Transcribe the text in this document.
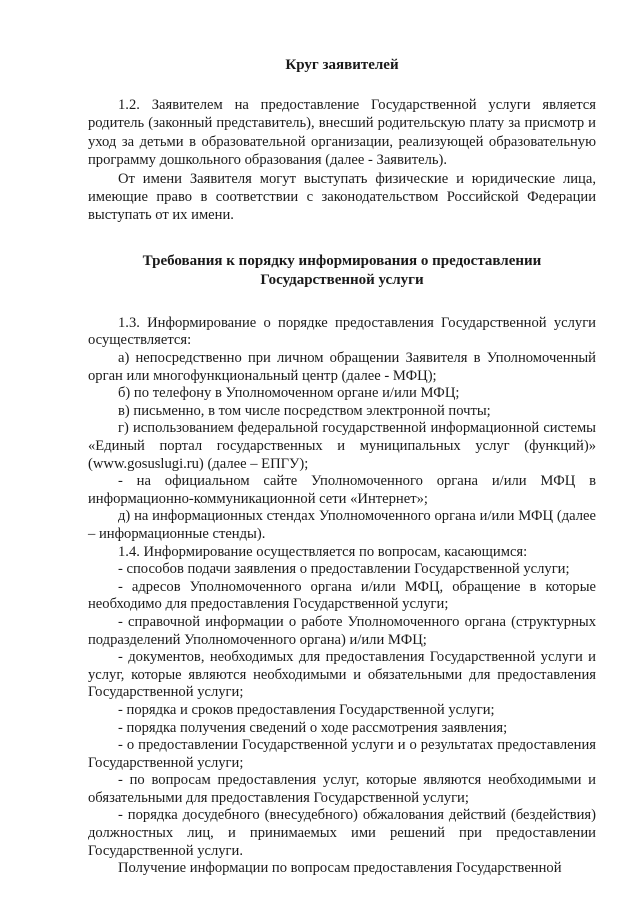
Круг заявителей

1.2. Заявителем на предоставление Государственной услуги является родитель (законный представитель), внесший родительскую плату за присмотр и уход за детьми в образовательной организации, реализующей образовательную программу дошкольного образования (далее - Заявитель).

От имени Заявителя могут выступать физические и юридические лица, имеющие право в соответствии с законодательством Российской Федерации выступать от их имени.

Требования к порядку информирования о предоставлении
Государственной услуги

1.3. Информирование о порядке предоставления Государственной услуги осуществляется:

а) непосредственно при личном обращении Заявителя в Уполномоченный орган или многофункциональный центр (далее - МФЦ);

б) по телефону в Уполномоченном органе и/или МФЦ;

в) письменно, в том числе посредством электронной почты;

г) использованием федеральной государственной информационной системы «Единый портал государственных и муниципальных услуг (функций)» (www.gosuslugi.ru) (далее – ЕПГУ);

- на официальном сайте Уполномоченного органа и/или МФЦ в информационно-коммуникационной сети «Интернет»;

д) на информационных стендах Уполномоченного органа и/или МФЦ (далее – информационные стенды).

1.4. Информирование осуществляется по вопросам, касающимся:

- способов подачи заявления о предоставлении Государственной услуги;

- адресов Уполномоченного органа и/или МФЦ, обращение в которые необходимо для предоставления Государственной услуги;

- справочной информации о работе Уполномоченного органа (структурных подразделений Уполномоченного органа) и/или МФЦ;

- документов, необходимых для предоставления Государственной услуги и услуг, которые являются необходимыми и обязательными для предоставления Государственной услуги;

- порядка и сроков предоставления Государственной услуги;

- порядка получения сведений о ходе рассмотрения заявления;

- о предоставлении Государственной услуги и о результатах предоставления Государственной услуги;

- по вопросам предоставления услуг, которые являются необходимыми и обязательными для предоставления Государственной услуги;

- порядка досудебного (внесудебного) обжалования действий (бездействия) должностных лиц, и принимаемых ими решений при предоставлении Государственной услуги.

Получение информации по вопросам предоставления Государственной
